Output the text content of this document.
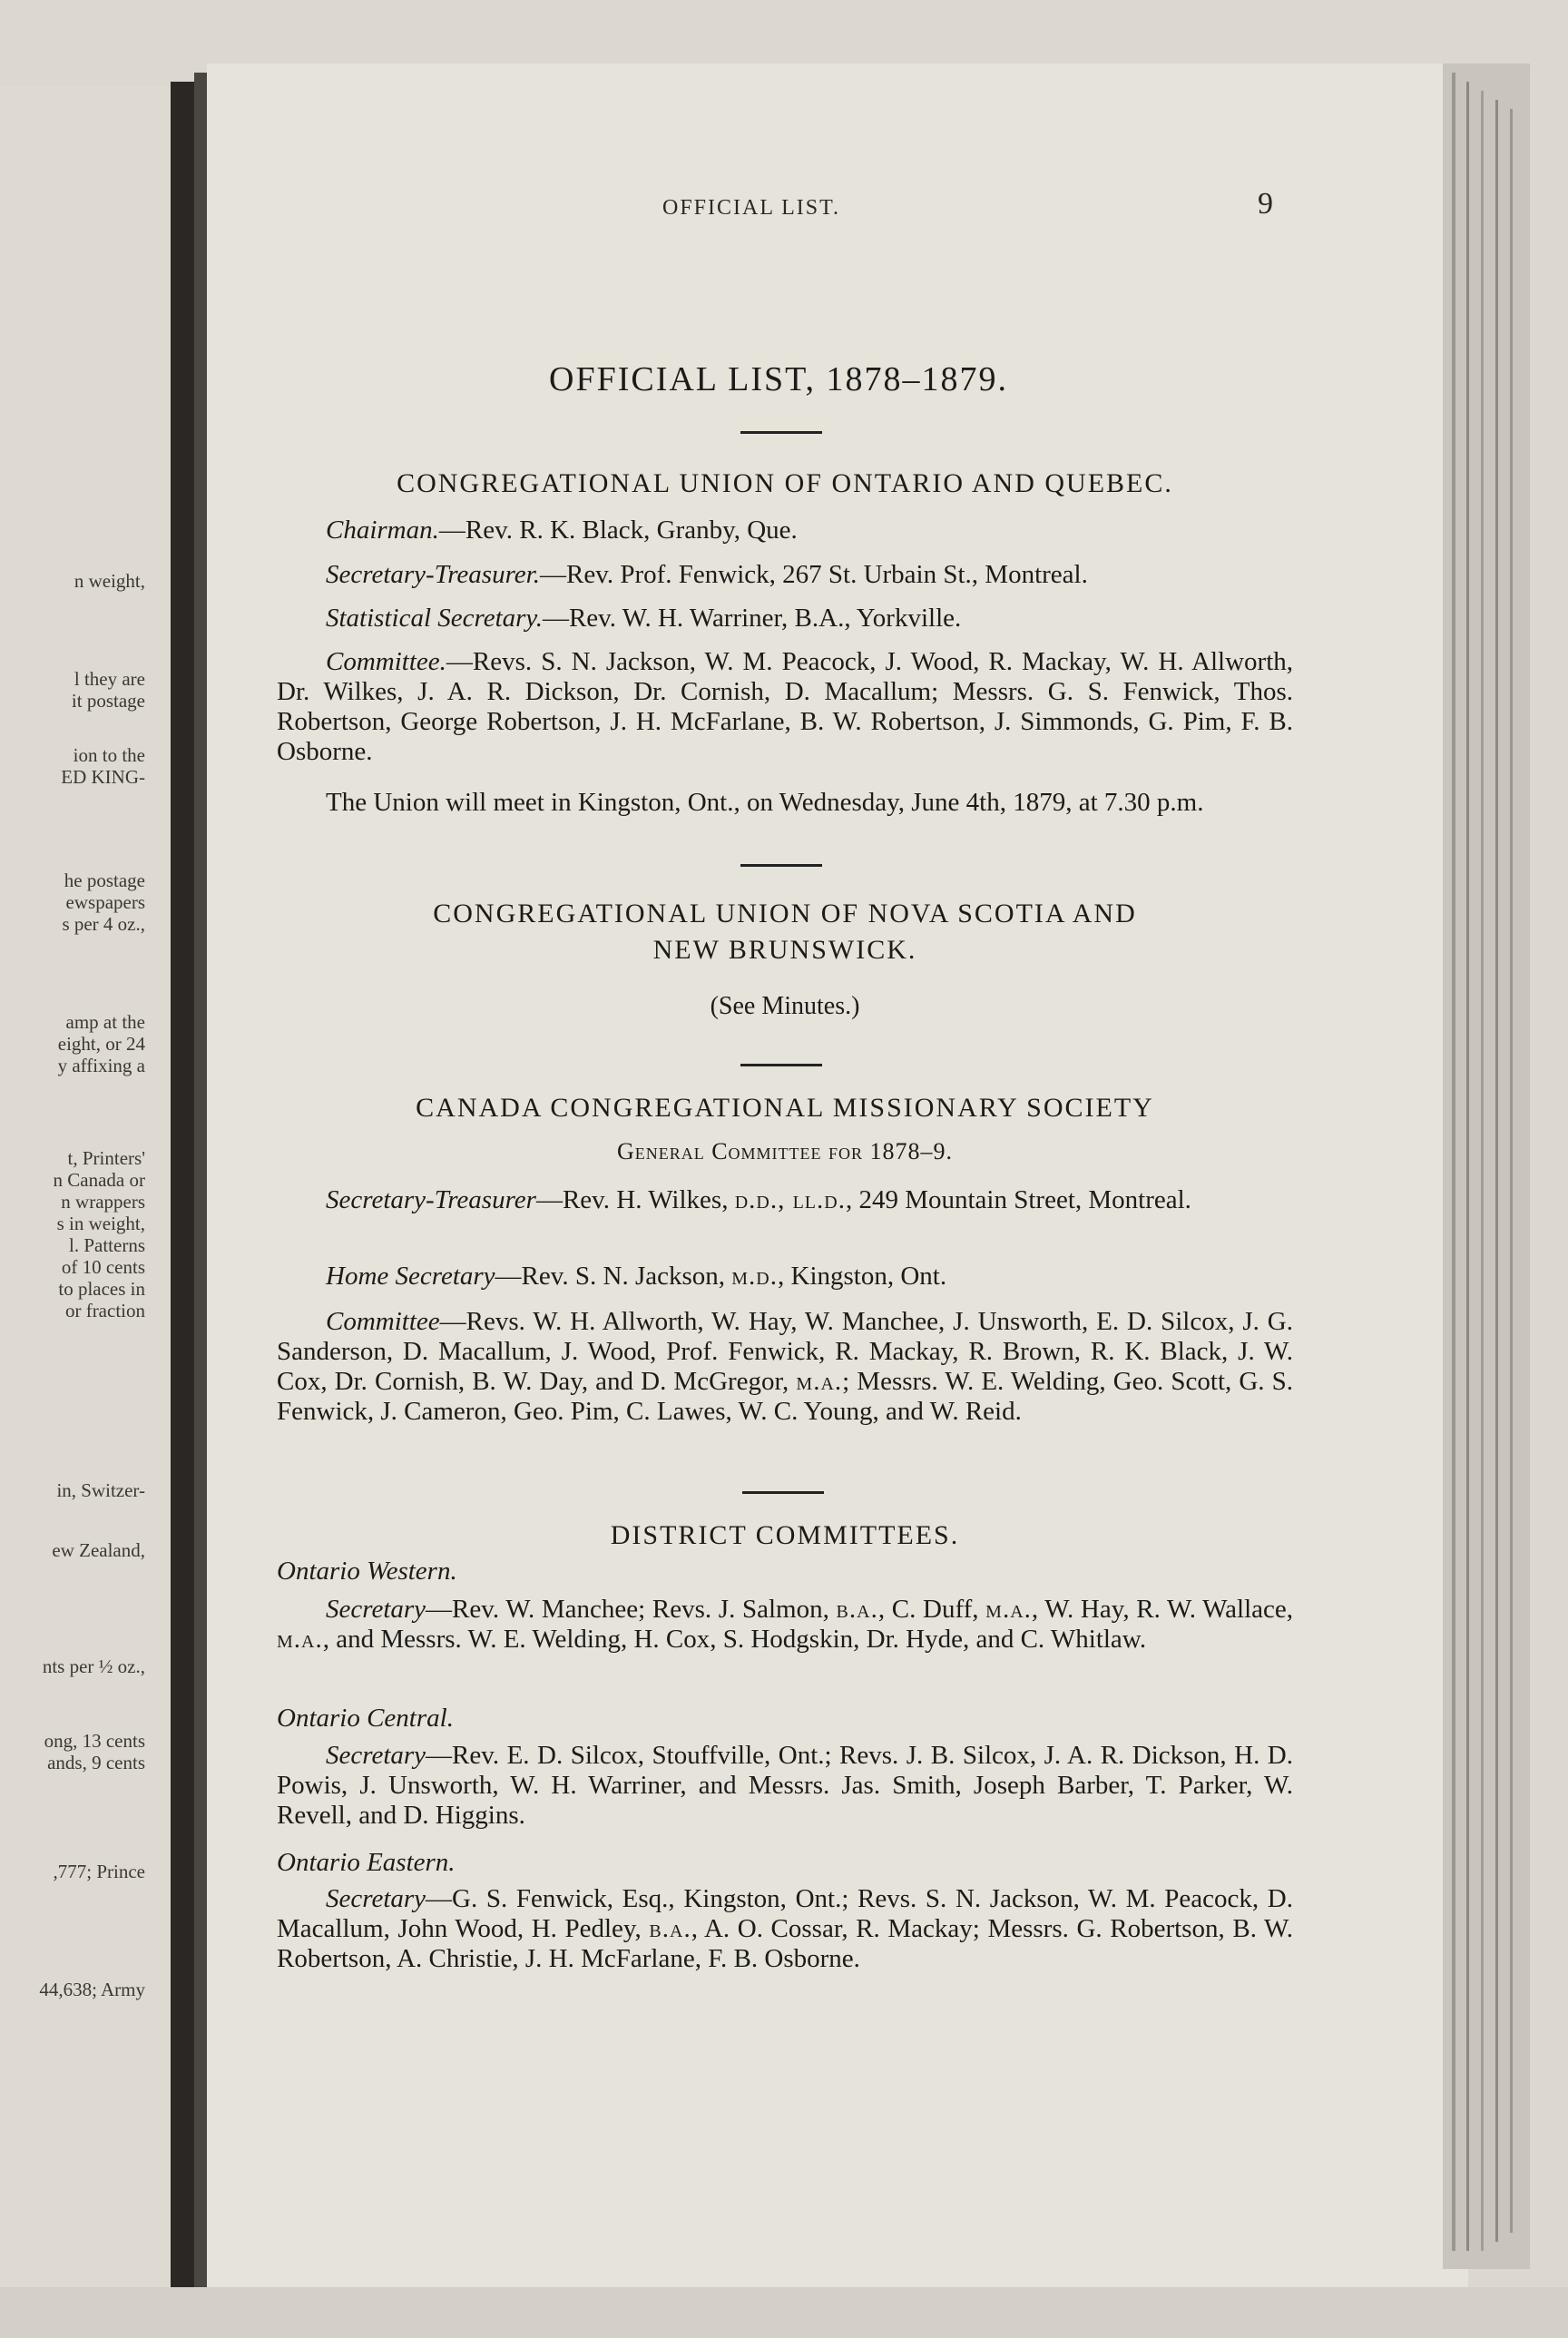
n weight,
l they are
it postage
ion to the
ED KING-
he postage
ewspapers
s per 4 oz.,
amp at the
eight, or 24
y affixing a
t, Printers'
n Canada or
n wrappers
s in weight,
l. Patterns
of 10 cents
to places in
or fraction
in, Switzer-
ew Zealand,
nts per ½ oz.,
ong, 13 cents
ands, 9 cents
,777; Prince
44,638; Army
OFFICIAL LIST.	9
OFFICIAL LIST, 1878–1879.
CONGREGATIONAL UNION OF ONTARIO AND QUEBEC.
Chairman.—Rev. R. K. Black, Granby, Que.
Secretary-Treasurer.—Rev. Prof. Fenwick, 267 St. Urbain St., Montreal.
Statistical Secretary.—Rev. W. H. Warriner, B.A., Yorkville.
Committee.—Revs. S. N. Jackson, W. M. Peacock, J. Wood, R. Mackay, W. H. Allworth, Dr. Wilkes, J. A. R. Dickson, Dr. Cornish, D. Macallum; Messrs. G. S. Fenwick, Thos. Robertson, George Robertson, J. H. McFarlane, B. W. Robertson, J. Simmonds, G. Pim, F. B. Osborne.
The Union will meet in Kingston, Ont., on Wednesday, June 4th, 1879, at 7.30 p.m.
CONGREGATIONAL UNION OF NOVA SCOTIA AND
NEW BRUNSWICK.
(See Minutes.)
CANADA CONGREGATIONAL MISSIONARY SOCIETY
General Committee for 1878–9.
Secretary-Treasurer—Rev. H. Wilkes, d.d., ll.d., 249 Mountain Street, Montreal.
Home Secretary—Rev. S. N. Jackson, m.d., Kingston, Ont.
Committee—Revs. W. H. Allworth, W. Hay, W. Manchee, J. Unsworth, E. D. Silcox, J. G. Sanderson, D. Macallum, J. Wood, Prof. Fenwick, R. Mackay, R. Brown, R. K. Black, J. W. Cox, Dr. Cornish, B. W. Day, and D. McGregor, m.a.; Messrs. W. E. Welding, Geo. Scott, G. S. Fenwick, J. Cameron, Geo. Pim, C. Lawes, W. C. Young, and W. Reid.
DISTRICT COMMITTEES.
Ontario Western.
Secretary—Rev. W. Manchee; Revs. J. Salmon, b.a., C. Duff, m.a., W. Hay, R. W. Wallace, m.a., and Messrs. W. E. Welding, H. Cox, S. Hodgskin, Dr. Hyde, and C. Whitlaw.
Ontario Central.
Secretary—Rev. E. D. Silcox, Stouffville, Ont.; Revs. J. B. Silcox, J. A. R. Dickson, H. D. Powis, J. Unsworth, W. H. Warriner, and Messrs. Jas. Smith, Joseph Barber, T. Parker, W. Revell, and D. Higgins.
Ontario Eastern.
Secretary—G. S. Fenwick, Esq., Kingston, Ont.; Revs. S. N. Jackson, W. M. Peacock, D. Macallum, John Wood, H. Pedley, b.a., A. O. Cossar, R. Mackay; Messrs. G. Robertson, B. W. Robertson, A. Christie, J. H. McFarlane, F. B. Osborne.
